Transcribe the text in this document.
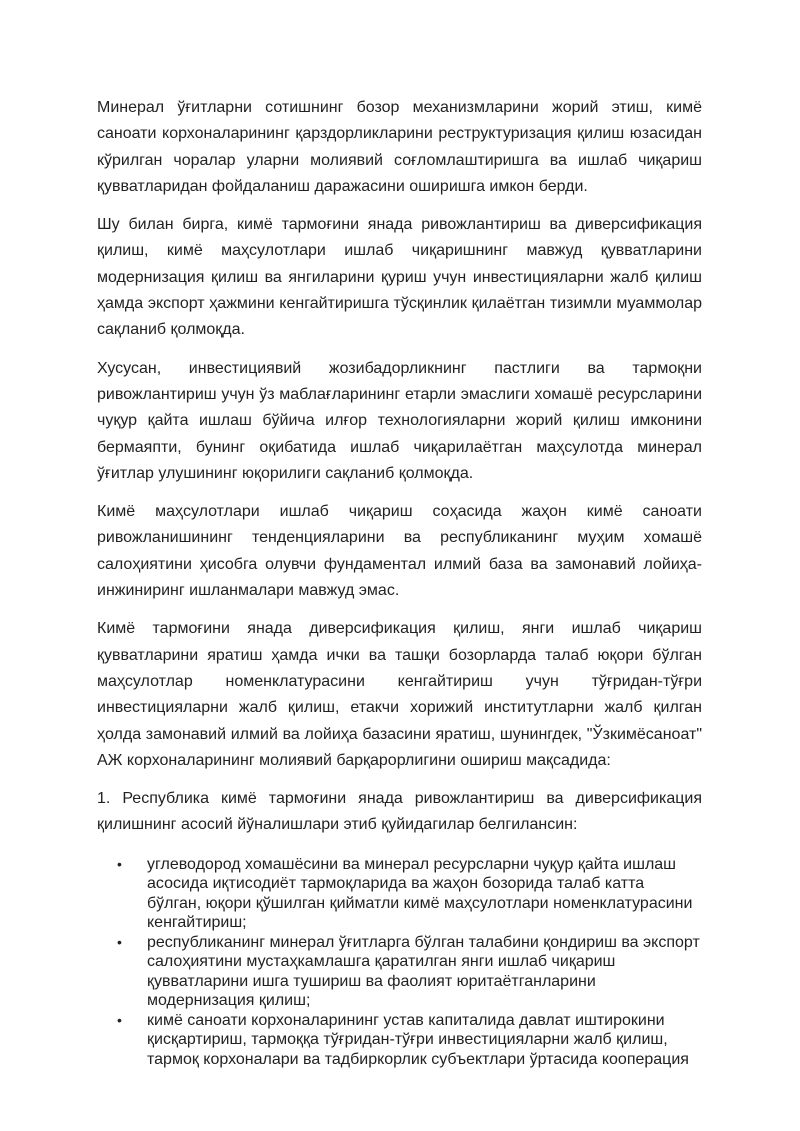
Минерал ўғитларни сотишнинг бозор механизмларини жорий этиш, кимё саноати корхоналарининг қарздорликларини реструктуризация қилиш юзасидан кўрилган чоралар уларни молиявий соғломлаштиришга ва ишлаб чиқариш қувватларидан фойдаланиш даражасини оширишга имкон берди.

Шу билан бирга, кимё тармоғини янада ривожлантириш ва диверсификация қилиш, кимё маҳсулотлари ишлаб чиқаришнинг мавжуд қувватларини модернизация қилиш ва янгиларини қуриш учун инвестицияларни жалб қилиш ҳамда экспорт ҳажмини кенгайтиришга тўсқинлик қилаётган тизимли муаммолар сақланиб қолмоқда.

Хусусан, инвестициявий жозибадорликнинг пастлиги ва тармоқни ривожлантириш учун ўз маблағларининг етарли эмаслиги хомашё ресурсларини чуқур қайта ишлаш бўйича илғор технологияларни жорий қилиш имконини бермаяпти, бунинг оқибатида ишлаб чиқарилаётган маҳсулотда минерал ўғитлар улушининг юқорилиги сақланиб қолмоқда.

Кимё маҳсулотлари ишлаб чиқариш соҳасида жаҳон кимё саноати ривожланишининг тенденцияларини ва республиканинг муҳим хомашё салоҳиятини ҳисобга олувчи фундаментал илмий база ва замонавий лойиҳа-инжиниринг ишланмалари мавжуд эмас.

Кимё тармоғини янада диверсификация қилиш, янги ишлаб чиқариш қувватларини яратиш ҳамда ички ва ташқи бозорларда талаб юқори бўлган маҳсулотлар номенклатурасини кенгайтириш учун тўғридан-тўғри инвестицияларни жалб қилиш, етакчи хорижий институтларни жалб қилган ҳолда замонавий илмий ва лойиҳа базасини яратиш, шунингдек, "Ўзкимёсаноат" АЖ корхоналарининг молиявий барқарорлигини ошириш мақсадида:

1. Республика кимё тармоғини янада ривожлантириш ва диверсификация қилишнинг асосий йўналишлари этиб қуйидагилар белгилансин:

• углеводород хомашёсини ва минерал ресурсларни чуқур қайта ишлаш асосида иқтисодиёт тармоқларида ва жаҳон бозорида талаб катта бўлган, юқори қўшилган қийматли кимё маҳсулотлари номенклатурасини кенгайтириш;
• республиканинг минерал ўғитларга бўлган талабини қондириш ва экспорт салоҳиятини мустаҳкамлашга қаратилган янги ишлаб чиқариш қувватларини ишга тушириш ва фаолият юритаётганларини модернизация қилиш;
• кимё саноати корхоналарининг устав капиталида давлат иштирокини қисқартириш, тармоққа тўғридан-тўғри инвестицияларни жалб қилиш, тармоқ корхоналари ва тадбиркорлик субъектлари ўртасида кооперация
